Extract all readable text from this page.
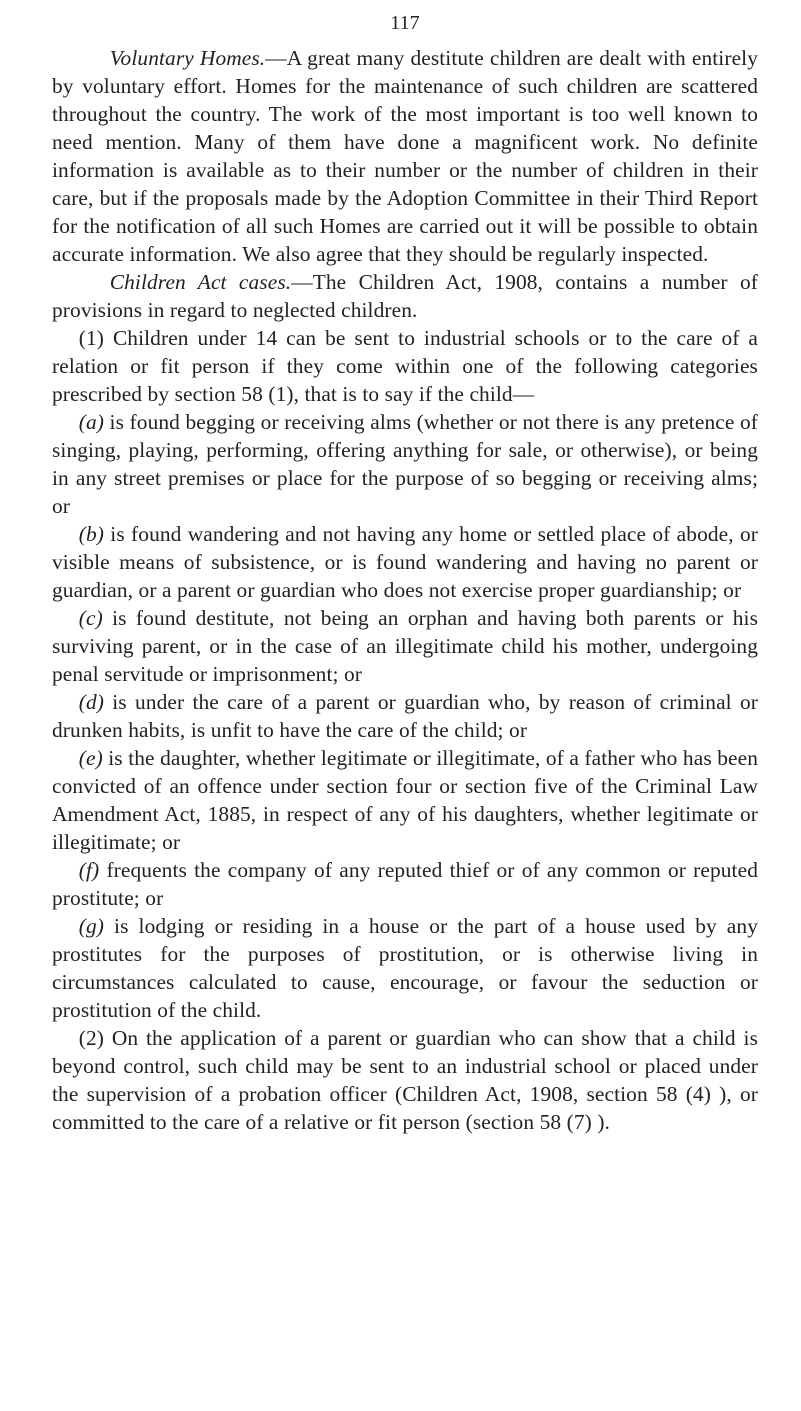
117

Voluntary Homes.—A great many destitute children are dealt with entirely by voluntary effort. Homes for the maintenance of such children are scattered throughout the country. The work of the most important is too well known to need mention. Many of them have done a magnificent work. No definite information is available as to their number or the number of children in their care, but if the proposals made by the Adoption Committee in their Third Report for the notification of all such Homes are carried out it will be possible to obtain accurate information. We also agree that they should be regularly inspected.

Children Act cases.—The Children Act, 1908, contains a number of provisions in regard to neglected children.

(1) Children under 14 can be sent to industrial schools or to the care of a relation or fit person if they come within one of the following categories prescribed by section 58 (1), that is to say if the child—

(a) is found begging or receiving alms (whether or not there is any pretence of singing, playing, performing, offering anything for sale, or otherwise), or being in any street premises or place for the purpose of so begging or receiving alms; or

(b) is found wandering and not having any home or settled place of abode, or visible means of subsistence, or is found wandering and having no parent or guardian, or a parent or guardian who does not exercise proper guardianship; or

(c) is found destitute, not being an orphan and having both parents or his surviving parent, or in the case of an illegitimate child his mother, undergoing penal servitude or imprisonment; or

(d) is under the care of a parent or guardian who, by reason of criminal or drunken habits, is unfit to have the care of the child; or

(e) is the daughter, whether legitimate or illegitimate, of a father who has been convicted of an offence under section four or section five of the Criminal Law Amendment Act, 1885, in respect of any of his daughters, whether legitimate or illegitimate; or

(f) frequents the company of any reputed thief or of any common or reputed prostitute; or

(g) is lodging or residing in a house or the part of a house used by any prostitutes for the purposes of prostitution, or is otherwise living in circumstances calculated to cause, encourage, or favour the seduction or prostitution of the child.

(2) On the application of a parent or guardian who can show that a child is beyond control, such child may be sent to an industrial school or placed under the supervision of a probation officer (Children Act, 1908, section 58 (4) ), or committed to the care of a relative or fit person (section 58 (7) ).
